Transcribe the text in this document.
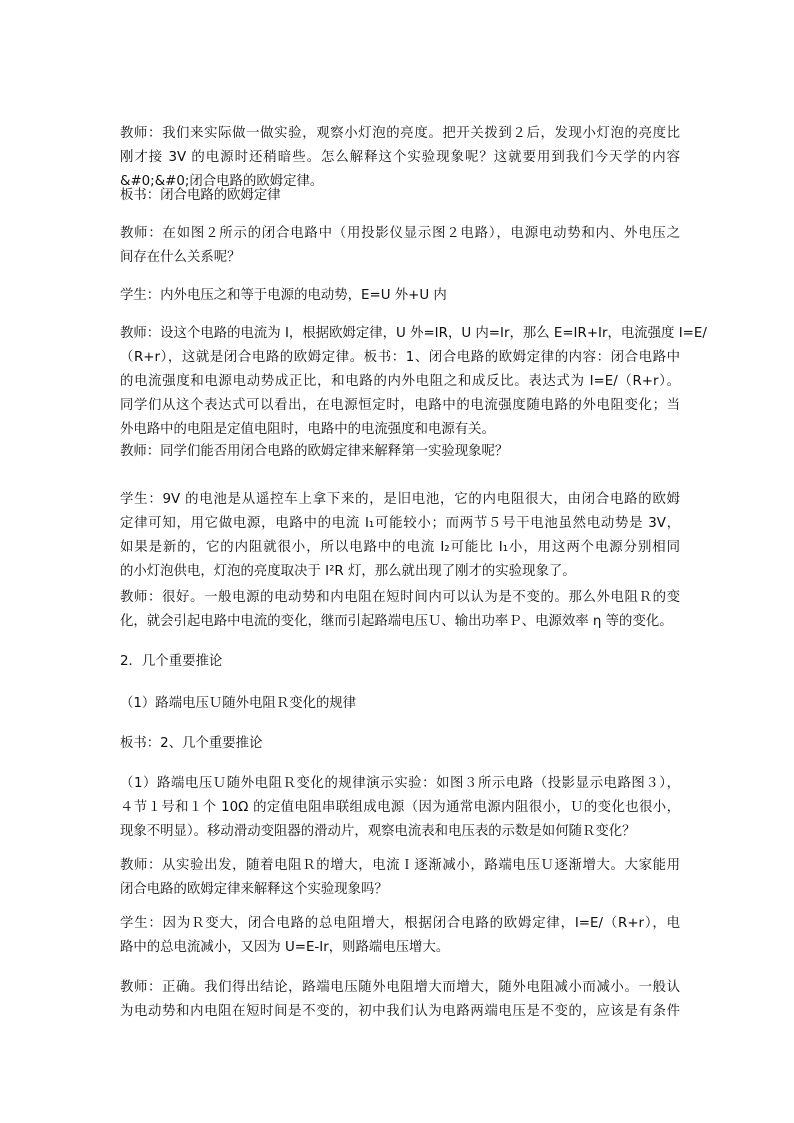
教师：我们来实际做一做实验，观察小灯泡的亮度。把开关拨到２后，发现小灯泡的亮度比
刚才接 3V 的电源时还稍暗些。怎么解释这个实验现象呢？这就要用到我们今天学的内容
&#0;&#0;闭合电路的欧姆定律。

板书：闭合电路的欧姆定律

教师：在如图２所示的闭合电路中（用投影仪显示图２电路），电源电动势和内、外电压之
间存在什么关系呢？

学生：内外电压之和等于电源的电动势，E=U 外+U 内

教师：设这个电路的电流为 I，根据欧姆定律，U 外=IR，U 内=Ir，那么 E=IR+Ir，电流强度 I=E/
（R+r），这就是闭合电路的欧姆定律。板书：1、闭合电路的欧姆定律的内容：闭合电路中
的电流强度和电源电动势成正比，和电路的内外电阻之和成反比。表达式为 I=E/（R+r）。
同学们从这个表达式可以看出，在电源恒定时，电路中的电流强度随电路的外电阻变化；当
外电路中的电阻是定值电阻时，电路中的电流强度和电源有关。

教师：同学们能否用闭合电路的欧姆定律来解释第一实验现象呢？

学生：9V 的电池是从遥控车上拿下来的，是旧电池，它的内电阻很大，由闭合电路的欧姆
定律可知，用它做电源，电路中的电流 I₁可能较小；而两节５号干电池虽然电动势是 3V，
如果是新的，它的内阻就很小，所以电路中的电流 I₂可能比 I₁小，用这两个电源分别相同
的小灯泡供电，灯泡的亮度取决于 I²R 灯，那么就出现了刚才的实验现象了。

教师：很好。一般电源的电动势和内电阻在短时间内可以认为是不变的。那么外电阻Ｒ的变
化，就会引起电路中电流的变化，继而引起路端电压Ｕ、输出功率Ｐ、电源效率 η 等的变化。

2．几个重要推论

（1）路端电压Ｕ随外电阻Ｒ变化的规律

板书：2、几个重要推论

（1）路端电压Ｕ随外电阻Ｒ变化的规律演示实验：如图３所示电路（投影显示电路图３），
４节１号和１个 10Ω 的定值电阻串联组成电源（因为通常电源内阻很小，Ｕ的变化也很小，
现象不明显）。移动滑动变阻器的滑动片，观察电流表和电压表的示数是如何随Ｒ变化？

教师：从实验出发，随着电阻Ｒ的增大，电流Ｉ逐渐减小，路端电压Ｕ逐渐增大。大家能用
闭合电路的欧姆定律来解释这个实验现象吗？

学生：因为Ｒ变大，闭合电路的总电阻增大，根据闭合电路的欧姆定律，I=E/（R+r），电
路中的总电流减小，又因为 U=E-Ir，则路端电压增大。

教师：正确。我们得出结论，路端电压随外电阻增大而增大，随外电阻减小而减小。一般认
为电动势和内电阻在短时间是不变的，初中我们认为电路两端电压是不变的，应该是有条件
